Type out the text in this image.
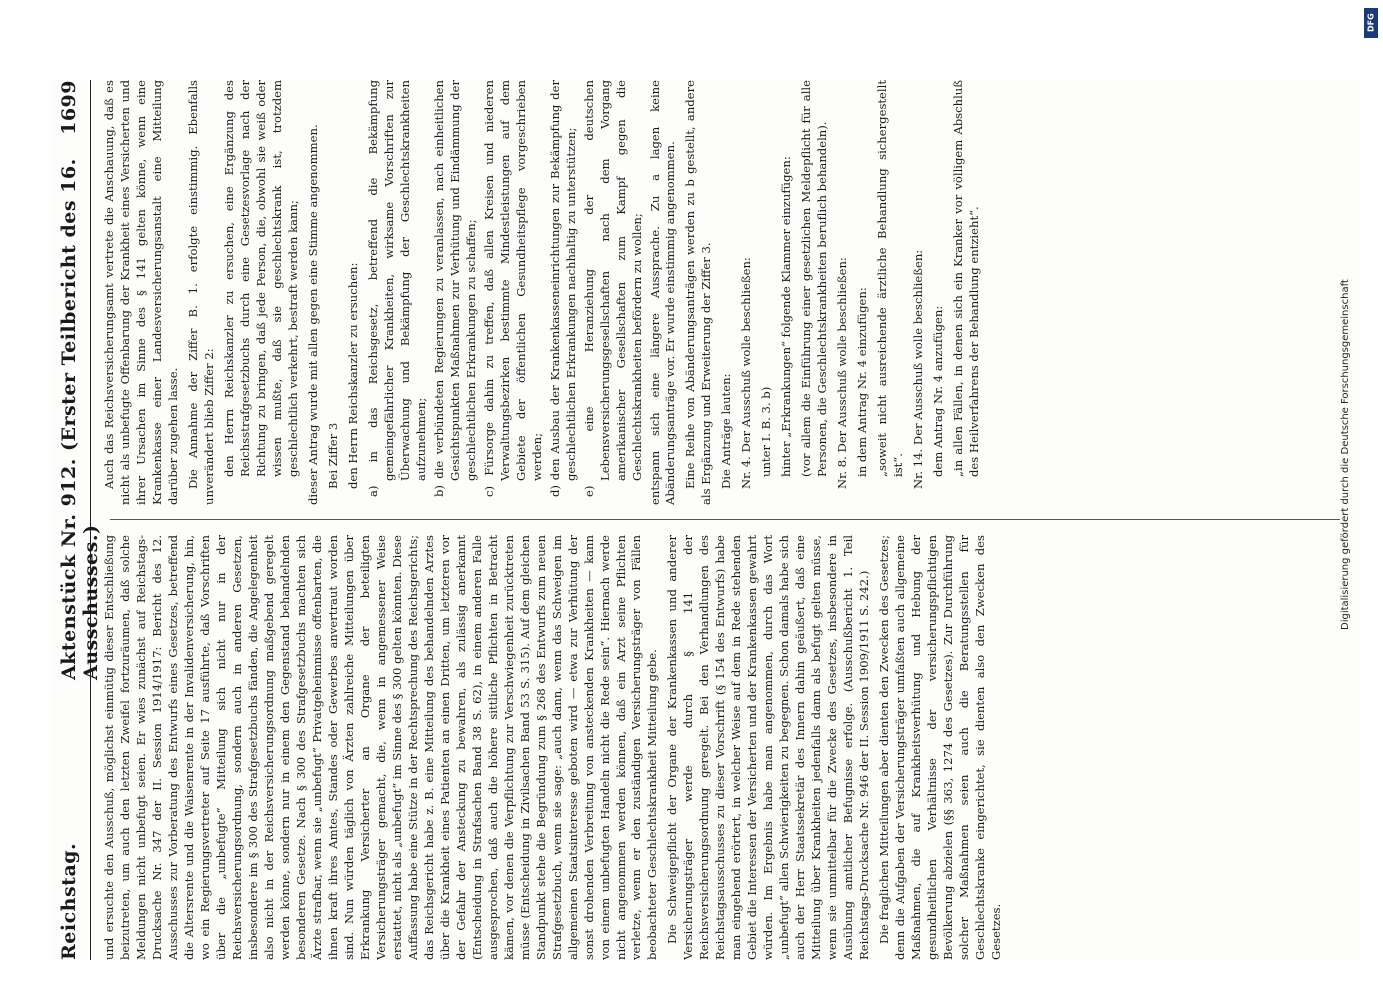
Reichstag.
Aktenstück Nr. 912. (Erster Teilbericht des 16. Ausschusses.)
1699

und ersuchte den Ausschuß, möglichst einmütig dieser Entschließung beizutreten, um auch den letzten Zweifel fortzuräumen, daß solche Meldungen nicht unbefugt seien. Er wies zunächst auf Reichstags-Drucksache Nr. 347 der II. Session 1914/1917: Bericht des 12. Ausschusses zur Vorberatung des Entwurfs eines Gesetzes, betreffend die Altersrente und die Waisenrente in der Invalidenversicherung, hin, wo ein Regierungsvertreter auf Seite 17 ausführte, daß Vorschriften über die „unbefugte“ Mitteilung sich nicht nur in der Reichsversicherungsordnung, sondern auch in anderen Gesetzen, insbesondere im § 300 des Strafgesetzbuchs fänden, die Angelegenheit also nicht in der Reichsversicherungsordnung maßgebend geregelt werden könne, sondern nur in einem den Gegenstand behandelnden besonderen Gesetze. Nach § 300 des Strafgesetzbuchs machten sich Ärzte strafbar, wenn sie „unbefugt“ Privatgeheimnisse offenbarten, die ihnen kraft ihres Amtes, Standes oder Gewerbes anvertraut worden sind. Nun würden täglich von Ärzten zahlreiche Mitteilungen über Erkrankung Versicherter an Organe der beteiligten Versicherungsträger gemacht, die, wenn in angemessener Weise erstattet, nicht als „unbefugt“ im Sinne des § 300 gelten könnten. Diese Auffassung habe eine Stütze in der Rechtsprechung des Reichsgerichts; das Reichsgericht habe z. B. eine Mitteilung des behandelnden Arztes über die Krankheit eines Patienten an einen Dritten, um letzteren vor der Gefahr der Ansteckung zu bewahren, als zulässig anerkannt (Entscheidung in Strafsachen Band 38 S. 62), in einem anderen Falle ausgesprochen, daß auch die höhere sittliche Pflichten in Betracht kämen, vor denen die Verpflichtung zur Verschwiegenheit zurücktreten müsse (Entscheidung in Zivilsachen Band 53 S. 315). Auf dem gleichen Standpunkt stehe die Begründung zum § 268 des Entwurfs zum neuen Strafgesetzbuch, wenn sie sage: „auch dann, wenn das Schweigen im allgemeinen Staatsinteresse geboten wird — etwa zur Verhütung der sonst drohenden Verbreitung von ansteckenden Krankheiten — kann von einem unbefugten Handeln nicht die Rede sein“. Hiernach werde nicht angenommen werden können, daß ein Arzt seine Pflichten verletze, wenn er den zuständigen Versicherungsträger von Fällen beobachteter Geschlechtskrankheit Mitteilung gebe. Die Schweigepflicht der Organe der Krankenkassen und anderer Versicherungsträger werde durch § 141 der Reichsversicherungsordnung geregelt. Bei den Verhandlungen des Reichstagsausschusses zu dieser Vorschrift (§ 154 des Entwurfs) habe man eingehend erörtert, in welcher Weise auf dem in Rede stehenden Gebiet die Interessen der Versicherten und der Krankenkassen gewahrt würden. Im Ergebnis habe man angenommen, durch das Wort „unbefugt“ allen Schwierigkeiten zu begegnen. Schon damals habe sich auch der Herr Staatssekretär des Innern dahin geäußert, daß eine Mitteilung über Krankheiten jedenfalls dann als befugt gelten müsse, wenn sie unmittelbar für die Zwecke des Gesetzes, insbesondere in Ausübung amtlicher Befugnisse erfolge. (Ausschußbericht 1. Teil Reichstags-Drucksache Nr. 946 der II. Session 1909/1911 S. 242.) Die fraglichen Mitteilungen aber dienten den Zwecken des Gesetzes; denn die Aufgaben der Versicherungsträger umfaßten auch allgemeine Maßnahmen, die auf Krankheitsverhütung und Hebung der gesundheitlichen Verhältnisse der versicherungspflichtigen Bevölkerung abzielen (§§ 363, 1274 des Gesetzes). Zur Durchführung solcher Maßnahmen seien auch die Beratungsstellen für Geschlechtskranke eingerichtet, sie dienten also den Zwecken des Gesetzes.

Auch das Reichsversicherungsamt vertrete die Anschauung, daß es nicht als unbefugte Offenbarung der Krankheit eines Versicherten und ihrer Ursachen im Sinne des § 141 gelten könne, wenn eine Krankenkasse einer Landesversicherungsanstalt eine Mitteilung darüber zugehen lasse. Die Annahme der Ziffer B. 1. erfolgte einstimmig. Ebenfalls unverändert blieb Ziffer 2: den Herrn Reichskanzler zu ersuchen, eine Ergänzung des Reichsstrafgesetzbuchs durch eine Gesetzesvorlage nach der Richtung zu bringen, daß jede Person, die, obwohl sie weiß oder wissen mußte, daß sie geschlechtskrank ist, trotzdem geschlechtlich verkehrt, bestraft werden kann; dieser Antrag wurde mit allen gegen eine Stimme angenommen. Bei Ziffer 3 den Herrn Reichskanzler zu ersuchen: a) in das Reichsgesetz, betreffend die Bekämpfung gemeingefährlicher Krankheiten, wirksame Vorschriften zur Überwachung und Bekämpfung der Geschlechtskrankheiten aufzunehmen; b) die verbündeten Regierungen zu veranlassen, nach einheitlichen Gesichtspunkten Maßnahmen zur Verhütung und Eindämmung der geschlechtlichen Erkrankungen zu schaffen; c) Fürsorge dahin zu treffen, daß allen Kreisen und niederen Verwaltungsbezirken bestimmte Mindestleistungen auf dem Gebiete der öffentlichen Gesundheitspflege vorgeschrieben werden; d) den Ausbau der Krankenkasseneinrichtungen zur Bekämpfung der geschlechtlichen Erkrankungen nachhaltig zu unterstützen; e) eine Heranziehung der deutschen Lebensversicherungsgesellschaften nach dem Vorgang amerikanischer Gesellschaften zum Kampf gegen die Geschlechtskrankheiten befördern zu wollen; entspann sich eine längere Aussprache. Zu a lagen keine Abänderungsanträge vor. Er wurde einstimmig angenommen. Eine Reihe von Abänderungsanträgen werden zu b gestellt, andere als Ergänzung und Erweiterung der Ziffer 3. Die Anträge lauten: Nr. 4. Der Ausschuß wolle beschließen: unter I. B. 3. b) hinter „Erkrankungen“ folgende Klammer einzufügen: (vor allem die Einführung einer gesetzlichen Meldepflicht für alle Personen, die Geschlechtskrankheiten beruflich behandeln). Nr. 8. Der Ausschuß wolle beschließen: in dem Antrag Nr. 4 einzufügen: „soweit nicht ausreichende ärztliche Behandlung sichergestellt ist“. Nr. 14. Der Ausschuß wolle beschließen: dem Antrag Nr. 4 anzufügen: „in allen Fällen, in denen sich ein Kranker vor völligem Abschluß des Heilverfahrens der Behandlung entzieht“.

DFG
Digitalisierung gefördert durch die Deutsche Forschungsgemeinschaft
